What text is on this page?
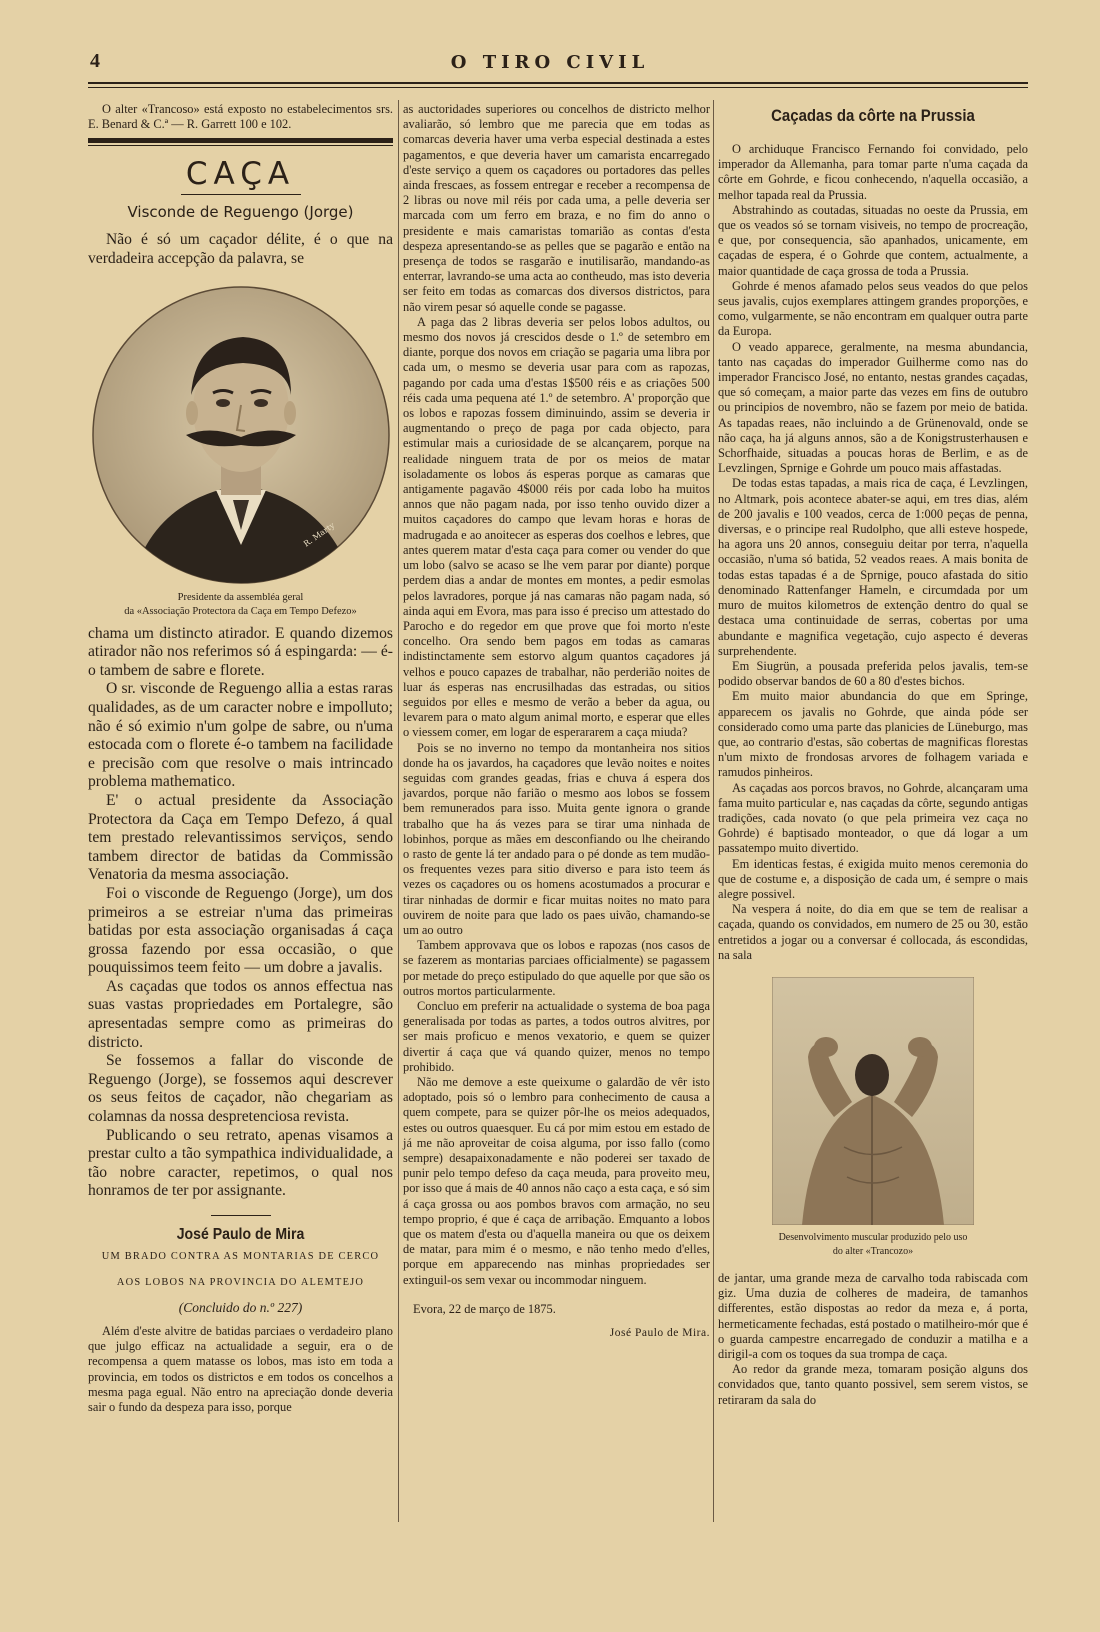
4	O TIRO CIVIL

O alter «Trancoso» está exposto no estabelecimentos srs. E. Benard & C.ª — R. Garrett 100 e 102.

CAÇA
Visconde de Reguengo (Jorge)

Não é só um caçador délite, é o que na verdadeira accepção da palavra, se

R. Marty

Presidente da assembléa geral
da «Associação Protectora da Caça em Tempo Defezo»

chama um distincto atirador. E quando dizemos atirador não nos referimos só á espingarda: — é-o tambem de sabre e florete.

O sr. visconde de Reguengo allia a estas raras qualidades, as de um caracter nobre e impolluto; não é só eximio n'um golpe de sabre, ou n'uma estocada com o florete é-o tambem na facilidade e precisão com que resolve o mais intrincado problema mathematico.

E' o actual presidente da Associação Protectora da Caça em Tempo Defezo, á qual tem prestado relevantissimos serviços, sendo tambem director de batidas da Commissão Venatoria da mesma associação.

Foi o visconde de Reguengo (Jorge), um dos primeiros a se estreiar n'uma das primeiras batidas por esta associação organisadas á caça grossa fazendo por essa occasião, o que pouquissimos teem feito — um dobre a javalis.

As caçadas que todos os annos effectua nas suas vastas propriedades em Portalegre, são apresentadas sempre como as primeiras do districto.

Se fossemos a fallar do visconde de Reguengo (Jorge), se fossemos aqui descrever os seus feitos de caçador, não chegariam as colamnas da nossa despretenciosa revista.

Publicando o seu retrato, apenas visamos a prestar culto a tão sympathica individualidade, a tão nobre caracter, repetimos, o qual nos honramos de ter por assignante.

José Paulo de Mira
UM BRADO CONTRA AS MONTARIAS DE CERCO
AOS LOBOS NA PROVINCIA DO ALEMTEJO
(Concluido do n.º 227)

Além d'este alvitre de batidas parciaes o verdadeiro plano que julgo efficaz na actualidade a seguir, era o de recompensa a quem matasse os lobos, mas isto em toda a provincia, em todos os districtos e em todos os concelhos a mesma paga egual. Não entro na apreciação donde deveria sair o fundo da despeza para isso, porque

as auctoridades superiores ou concelhos de districto melhor avaliarão, só lembro que me parecia que em todas as comarcas deveria haver uma verba especial destinada a estes pagamentos, e que deveria haver um camarista encarregado d'este serviço a quem os caçadores ou portadores das pelles ainda frescaes, as fossem entregar e receber a recompensa de 2 libras ou nove mil réis por cada uma, a pelle deveria ser marcada com um ferro em braza, e no fim do anno o presidente e mais camaristas tomarião as contas d'esta despeza apresentando-se as pelles que se pagarão e então na presença de todos se rasgarão e inutilisarão, mandando-as enterrar, lavrando-se uma acta ao contheudo, mas isto deveria ser feito em todas as comarcas dos diversos districtos, para não virem pesar só aquelle conde se pagasse.

A paga das 2 libras deveria ser pelos lobos adultos, ou mesmo dos novos já crescidos desde o 1.º de setembro em diante, porque dos novos em criação se pagaria uma libra por cada um, o mesmo se deveria usar para com as rapozas, pagando por cada uma d'estas 1$500 réis e as criações 500 réis cada uma pequena até 1.º de setembro. A' proporção que os lobos e rapozas fossem diminuindo, assim se deveria ir augmentando o preço de paga por cada objecto, para estimular mais a curiosidade de se alcançarem, porque na realidade ninguem trata de por os meios de matar isoladamente os lobos ás esperas porque as camaras que antigamente pagavão 4$000 réis por cada lobo ha muitos annos que não pagam nada, por isso tenho ouvido dizer a muitos caçadores do campo que levam horas e horas de madrugada e ao anoitecer as esperas dos coelhos e lebres, que antes querem matar d'esta caça para comer ou vender do que um lobo (salvo se acaso se lhe vem parar por diante) porque perdem dias a andar de montes em montes, a pedir esmolas pelos lavradores, porque já nas camaras não pagam nada, só ainda aqui em Evora, mas para isso é preciso um attestado do Parocho e do regedor em que prove que foi morto n'este concelho. Ora sendo bem pagos em todas as camaras indistinctamente sem estorvo algum quantos caçadores já velhos e pouco capazes de trabalhar, não perderião noites de luar ás esperas nas encrusilhadas das estradas, ou sitios seguidos por elles e mesmo de verão a beber da agua, ou levarem para o mato algum animal morto, e esperar que elles o viessem comer, em logar de esperararem a caça miuda?

Pois se no inverno no tempo da montanheira nos sitios donde ha os javardos, ha caçadores que levão noites e noites seguidas com grandes geadas, frias e chuva á espera dos javardos, porque não farião o mesmo aos lobos se fossem bem remunerados para isso. Muita gente ignora o grande trabalho que ha ás vezes para se tirar uma ninhada de lobinhos, porque as mães em desconfiando ou lhe cheirando o rasto de gente lá ter andado para o pé donde as tem mudão-os frequentes vezes para sitio diverso e para isto teem ás vezes os caçadores ou os homens acostumados a procurar e tirar ninhadas de dormir e ficar muitas noites no mato para ouvirem de noite para que lado os paes uivão, chamando-se um ao outro

Tambem approvava que os lobos e rapozas (nos casos de se fazerem as montarias parciaes officialmente) se pagassem por metade do preço estipulado do que aquelle por que são os outros mortos particularmente.

Concluo em preferir na actualidade o systema de boa paga generalisada por todas as partes, a todos outros alvitres, por ser mais proficuo e menos vexatorio, e quem se quizer divertir á caça que vá quando quizer, menos no tempo prohibido.

Não me demove a este queixume o galardão de vêr isto adoptado, pois só o lembro para conhecimento de causa a quem compete, para se quizer pôr-lhe os meios adequados, estes ou outros quaesquer. Eu cá por mim estou em estado de já me não aproveitar de coisa alguma, por isso fallo (como sempre) desapaixonadamente e não poderei ser taxado de punir pelo tempo defeso da caça meuda, para proveito meu, por isso que á mais de 40 annos não caço a esta caça, e só sim á caça grossa ou aos pombos bravos com armação, no seu tempo proprio, é que é caça de arribação. Emquanto a lobos que os matem d'esta ou d'aquella maneira ou que os deixem de matar, para mim é o mesmo, e não tenho medo d'elles, porque em apparecendo nas minhas propriedades ser extinguil-os sem vexar ou incommodar ninguem.

Evora, 22 de março de 1875.
José Paulo de Mira.
Caçadas da côrte na Prussia

O archiduque Francisco Fernando foi convidado, pelo imperador da Allemanha, para tomar parte n'uma caçada da côrte em Gohrde, e ficou conhecendo, n'aquella occasião, a melhor tapada real da Prussia.

Abstrahindo as coutadas, situadas no oeste da Prussia, em que os veados só se tornam visiveis, no tempo de procreação, e que, por consequencia, são apanhados, unicamente, em caçadas de espera, é o Gohrde que contem, actualmente, a maior quantidade de caça grossa de toda a Prussia.

Gohrde é menos afamado pelos seus veados do que pelos seus javalis, cujos exemplares attingem grandes proporções, e como, vulgarmente, se não encontram em qualquer outra parte da Europa.

O veado apparece, geralmente, na mesma abundancia, tanto nas caçadas do imperador Guilherme como nas do imperador Francisco José, no entanto, nestas grandes caçadas, que só começam, a maior parte das vezes em fins de outubro ou principios de novembro, não se fazem por meio de batida. As tapadas reaes, não incluindo a de Grünenovald, onde se não caça, ha já alguns annos, são a de Konigstrusterhausen e Schorfhaide, situadas a poucas horas de Berlim, e as de Levzlingen, Sprnige e Gohrde um pouco mais affastadas.

De todas estas tapadas, a mais rica de caça, é Levzlingen, no Altmark, pois acontece abater-se aqui, em tres dias, além de 200 javalis e 100 veados, cerca de 1:000 peças de penna, diversas, e o principe real Rudolpho, que alli esteve hospede, ha agora uns 20 annos, conseguiu deitar por terra, n'aquella occasião, n'uma só batida, 52 veados reaes. A mais bonita de todas estas tapadas é a de Sprnige, pouco afastada do sitio denominado Rattenfanger Hameln, e circumdada por um muro de muitos kilometros de extenção dentro do qual se destaca uma continuidade de serras, cobertas por uma abundante e magnifica vegetação, cujo aspecto é deveras surprehendente.

Em Siugrün, a pousada preferida pelos javalis, tem-se podido observar bandos de 60 a 80 d'estes bichos.

Em muito maior abundancia do que em Springe, apparecem os javalis no Gohrde, que ainda póde ser considerado como uma parte das planicies de Lüneburgo, mas que, ao contrario d'estas, são cobertas de magnificas florestas n'um mixto de frondosas arvores de folhagem variada e ramudos pinheiros.

As caçadas aos porcos bravos, no Gohrde, alcançaram uma fama muito particular e, nas caçadas da côrte, segundo antigas tradições, cada novato (o que pela primeira vez caça no Gohrde) é baptisado monteador, o que dá logar a um passatempo muito divertido.

Em identicas festas, é exigida muito menos ceremonia do que de costume e, a disposição de cada um, é sempre o mais alegre possivel.

Na vespera á noite, do dia em que se tem de realisar a caçada, quando os convidados, em numero de 25 ou 30, estão entretidos a jogar ou a conversar é collocada, ás escondidas, na sala

Desenvolvimento muscular produzido pelo uso
do alter «Trancozo»

de jantar, uma grande meza de carvalho toda rabiscada com giz. Uma duzia de colheres de madeira, de tamanhos differentes, estão dispostas ao redor da meza e, á porta, hermeticamente fechadas, está postado o matilheiro-mór que é o guarda campestre encarregado de conduzir a matilha e a dirigil-a com os toques da sua trompa de caça.

Ao redor da grande meza, tomaram posição alguns dos convidados que, tanto quanto possivel, sem serem vistos, se retiraram da sala do
